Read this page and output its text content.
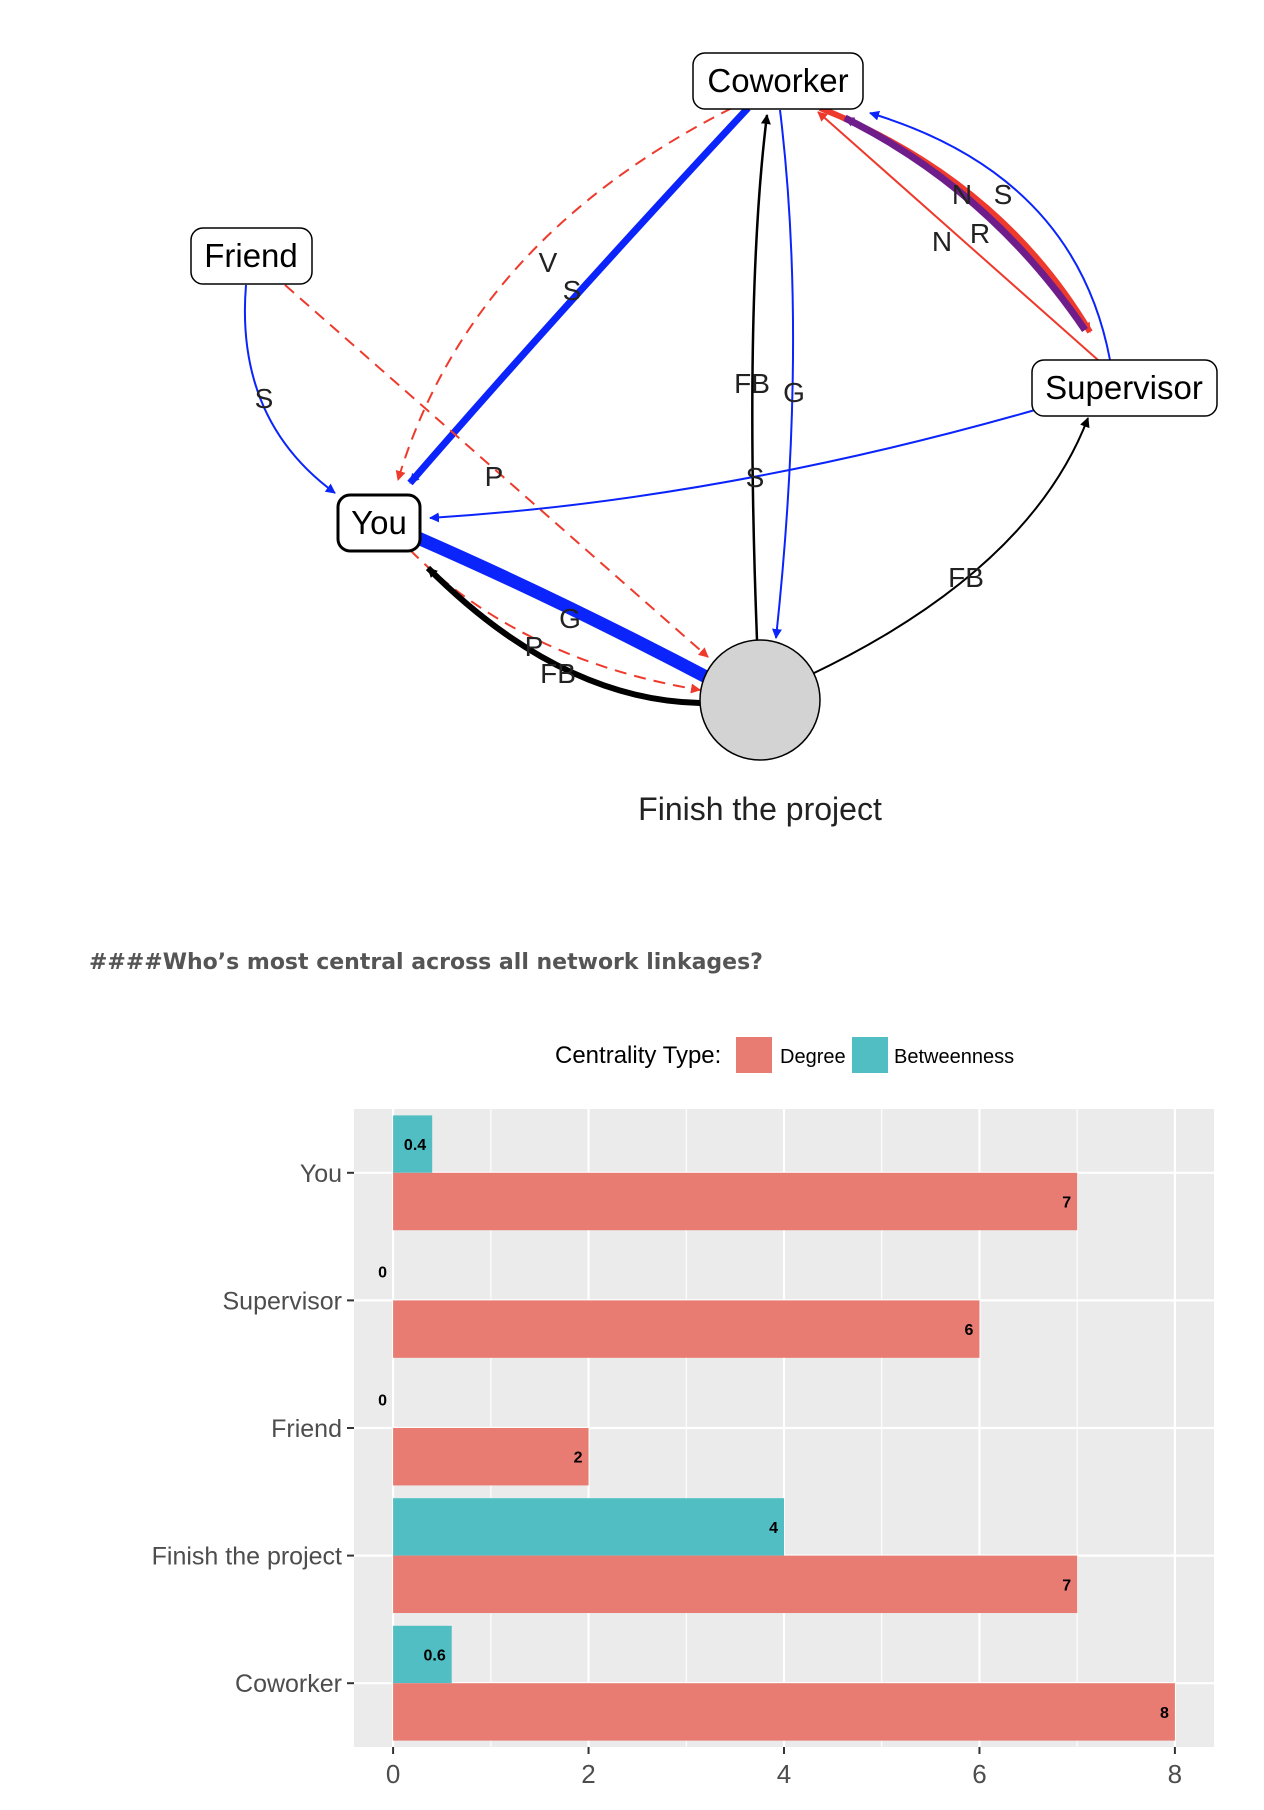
V
S
S
P
FB G
S
FB
N S
R
N
G
P
FB
Coworker
Friend
Supervisor
You
Finish the project
####Who’s most central across all network linkages?
Centrality Type:	Degree Betweenness
0.4
7
0
6
0
2
4
7
0.6
8
You
Supervisor
Friend
Finish the project
Coworker
0	2	4	6	8
